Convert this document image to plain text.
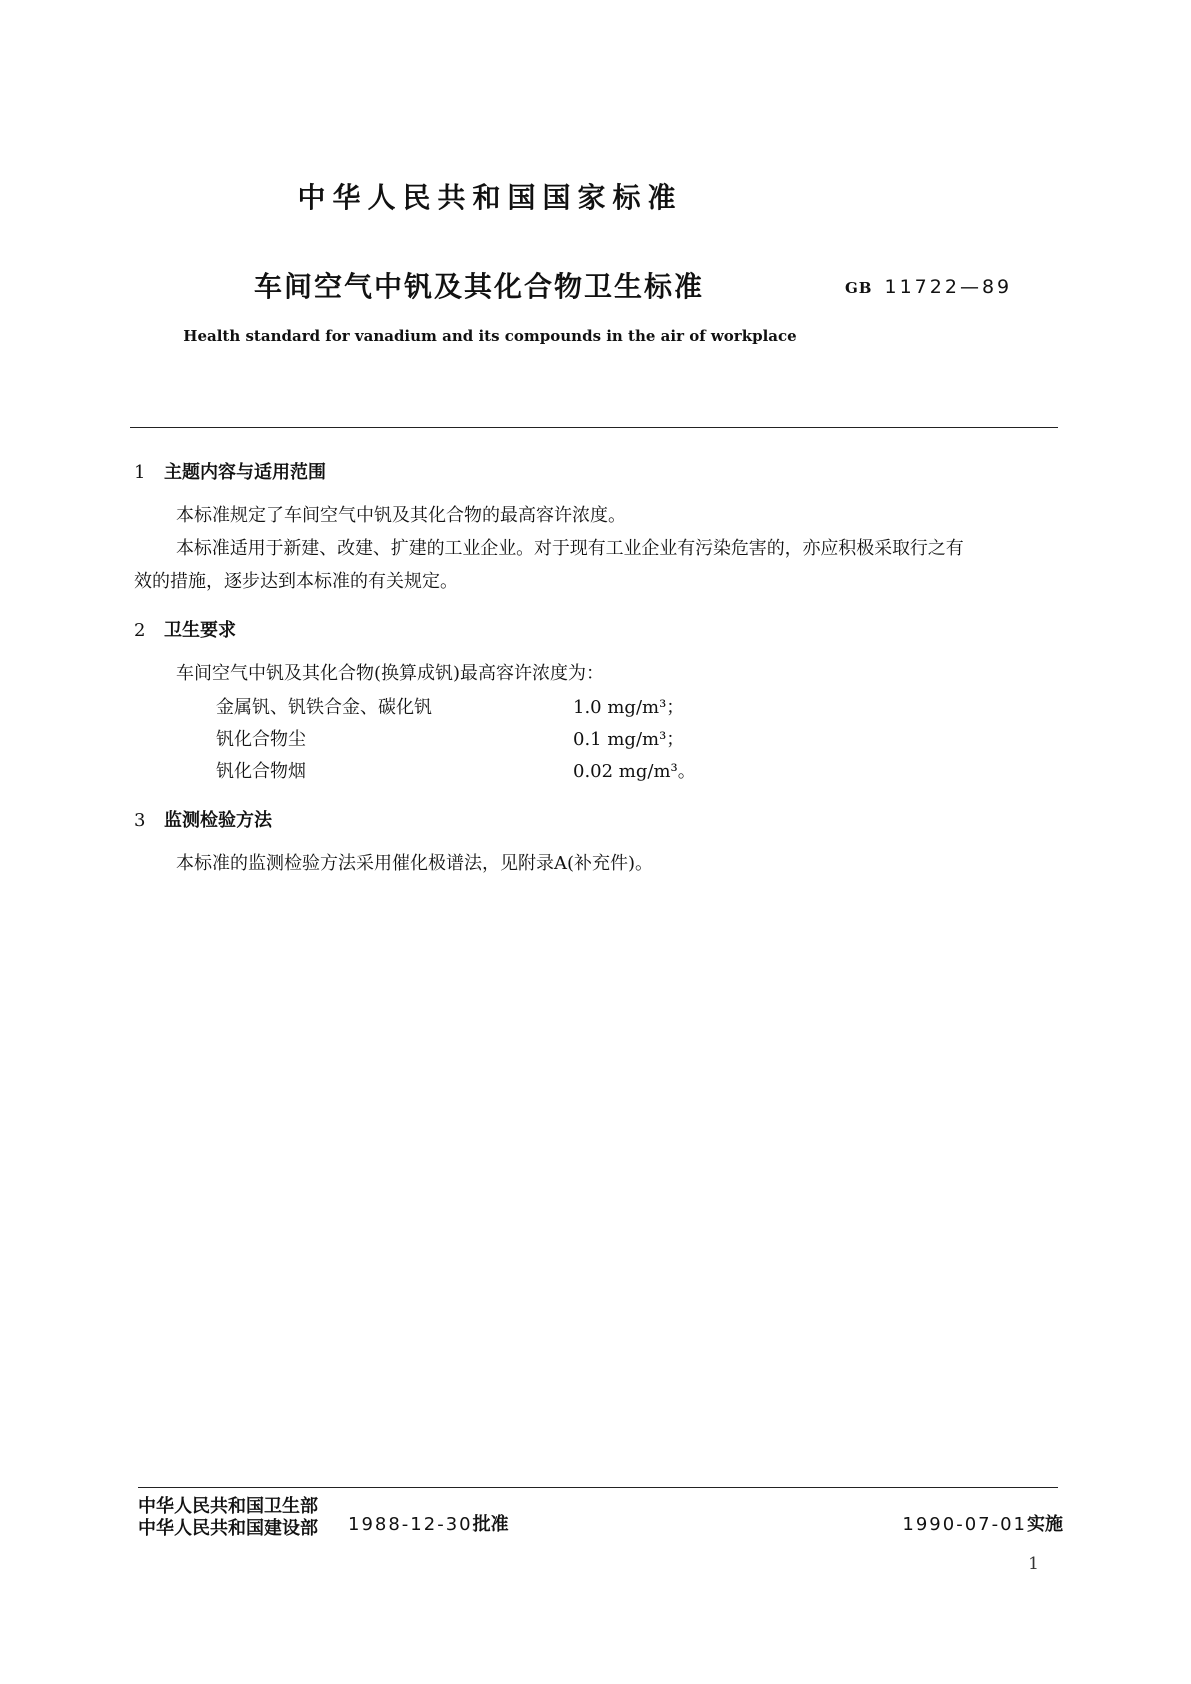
中华人民共和国国家标准
车间空气中钒及其化合物卫生标准	GB 11722—89
Health standard for vanadium and its compounds in the air of workplace
1 主题内容与适用范围
本标准规定了车间空气中钒及其化合物的最高容许浓度。
本标准适用于新建、改建、扩建的工业企业。对于现有工业企业有污染危害的，亦应积极采取行之有
效的措施，逐步达到本标准的有关规定。
2 卫生要求
车间空气中钒及其化合物(换算成钒)最高容许浓度为：
金属钒、钒铁合金、碳化钒	1.0 mg/m³；
钒化合物尘	0.1 mg/m³；
钒化合物烟	0.02 mg/m³。
3 监测检验方法
本标准的监测检验方法采用催化极谱法，见附录A(补充件)。
中华人民共和国卫生部
中华人民共和国建设部 1988-12-30批准	1990-07-01实施
1
